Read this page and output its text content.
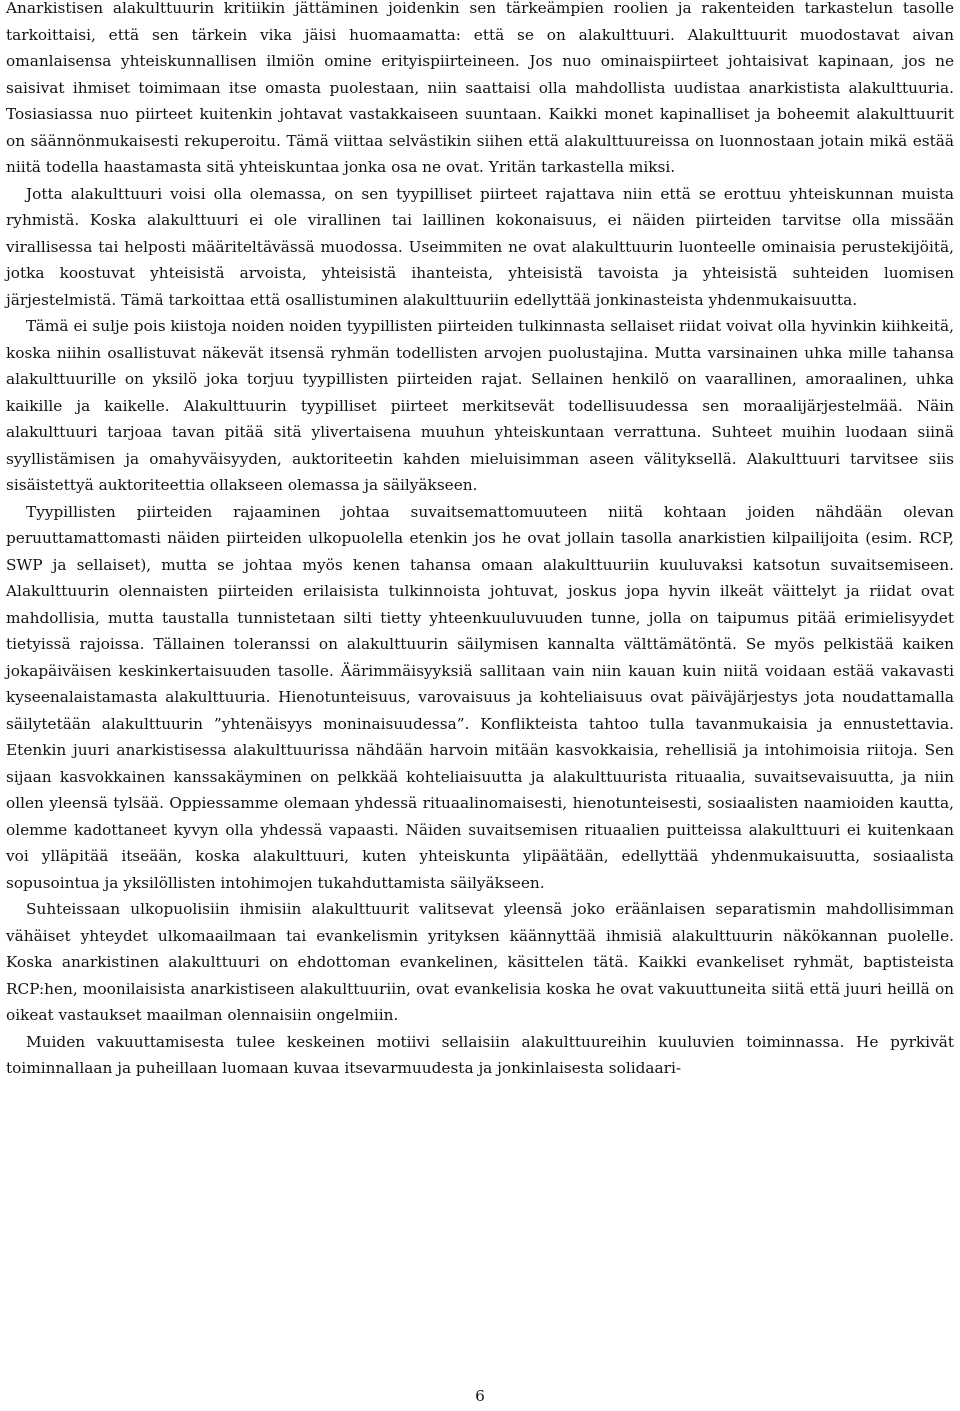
Anarkistisen alakulttuurin kritiikin jättäminen joidenkin sen tärkeämpien roolien ja rakenteiden tarkastelun tasolle tarkoittaisi, että sen tärkein vika jäisi huomaamatta: että se on alakulttuuri. Alakulttuurit muodostavat aivan omanlaisensa yhteiskunnallisen ilmiön omine erityispiirteineen. Jos nuo ominaispiirteet johtaisivat kapinaan, jos ne saisivat ihmiset toimimaan itse omasta puolestaan, niin saattaisi olla mahdollista uudistaa anarkistista alakulttuuria. Tosiasiassa nuo piirteet kuitenkin johtavat vastakkaiseen suuntaan. Kaikki monet kapinalliset ja boheemit alakulttuurit on säännönmukaisesti rekuperoitu. Tämä viittaa selvästikin siihen että alakulttuureissa on luonnostaan jotain mikä estää niitä todella haastamasta sitä yhteiskuntaa jonka osa ne ovat. Yritän tarkastella miksi.

Jotta alakulttuuri voisi olla olemassa, on sen tyypilliset piirteet rajattava niin että se erottuu yhteiskunnan muista ryhmistä. Koska alakulttuuri ei ole virallinen tai laillinen kokonaisuus, ei näiden piirteiden tarvitse olla missään virallisessa tai helposti määriteltävässä muodossa. Useimmiten ne ovat alakulttuurin luonteelle ominaisia perustekijöitä, jotka koostuvat yhteisistä arvoista, yhteisistä ihanteista, yhteisistä tavoista ja yhteisistä suhteiden luomisen järjestelmistä. Tämä tarkoittaa että osallistuminen alakulttuuriin edellyttää jonkinasteista yhdenmukaisuutta.

Tämä ei sulje pois kiistoja noiden noiden tyypillisten piirteiden tulkinnasta sellaiset riidat voivat olla hyvinkin kiihkeitä, koska niihin osallistuvat näkevät itsensä ryhmän todellisten arvojen puolustajina. Mutta varsinainen uhka mille tahansa alakulttuurille on yksilö joka torjuu tyypillisten piirteiden rajat. Sellainen henkilö on vaarallinen, amoraalinen, uhka kaikille ja kaikelle. Alakulttuurin tyypilliset piirteet merkitsevät todellisuudessa sen moraalijärjestelmää. Näin alakulttuuri tarjoaa tavan pitää sitä ylivertaisena muuhun yhteiskuntaan verrattuna. Suhteet muihin luodaan siinä syyllistämisen ja omahyväisyyden, auktoriteetin kahden mieluisimman aseen välityksellä. Alakulttuuri tarvitsee siis sisäistettyä auktoriteettia ollakseen olemassa ja säilyäkseen.

Tyypillisten piirteiden rajaaminen johtaa suvaitsemattomuuteen niitä kohtaan joiden nähdään olevan peruuttamattomasti näiden piirteiden ulkopuolella etenkin jos he ovat jollain tasolla anarkistien kilpailijoita (esim. RCP, SWP ja sellaiset), mutta se johtaa myös kenen tahansa omaan alakulttuuriin kuuluvaksi katsotun suvaitsemiseen. Alakulttuurin olennaisten piirteiden erilaisista tulkinnoista johtuvat, joskus jopa hyvin ilkeät väittelyt ja riidat ovat mahdollisia, mutta taustalla tunnistetaan silti tietty yhteenkuuluvuuden tunne, jolla on taipumus pitää erimielisyydet tietyissä rajoissa. Tällainen toleranssi on alakulttuurin säilymisen kannalta välttämätöntä. Se myös pelkistää kaiken jokapäiväisen keskinkertaisuuden tasolle. Äärimmäisyyksiä sallitaan vain niin kauan kuin niitä voidaan estää vakavasti kyseenalaistamasta alakulttuuria. Hienotunteisuus, varovaisuus ja kohteliaisuus ovat päiväjärjestys jota noudattamalla säilytetään alakulttuurin ”yhtenäisyys moninaisuudessa”. Konflikteista tahtoo tulla tavanmukaisia ja ennustettavia. Etenkin juuri anarkistisessa alakulttuurissa nähdään harvoin mitään kasvokkaisia, rehellisiä ja intohimoisia riitoja. Sen sijaan kasvokkainen kanssakäyminen on pelkkää kohteliaisuutta ja alakulttuurista rituaalia, suvaitsevaisuutta, ja niin ollen yleensä tylsää. Oppiessamme olemaan yhdessä rituaalinomaisesti, hienotunteisesti, sosiaalisten naamioiden kautta, olemme kadottaneet kyvyn olla yhdessä vapaasti. Näiden suvaitsemisen rituaalien puitteissa alakulttuuri ei kuitenkaan voi ylläpitää itseään, koska alakulttuuri, kuten yhteiskunta ylipäätään, edellyttää yhdenmukaisuutta, sosiaalista sopusointua ja yksilöllisten intohimojen tukahduttamista säilyäkseen.

Suhteissaan ulkopuolisiin ihmisiin alakulttuurit valitsevat yleensä joko eräänlaisen separatismin mahdollisimman vähäiset yhteydet ulkomaailmaan tai evankelismin yrityksen käännyttää ihmisiä alakulttuurin näkökannan puolelle. Koska anarkistinen alakulttuuri on ehdottoman evankelinen, käsittelen tätä. Kaikki evankeliset ryhmät, baptisteista RCP:hen, moonilaisista anarkistiseen alakulttuuriin, ovat evankelisia koska he ovat vakuuttuneita siitä että juuri heillä on oikeat vastaukset maailman olennaisiin ongelmiin.

Muiden vakuuttamisesta tulee keskeinen motiivi sellaisiin alakulttuureihin kuuluvien toiminnassa. He pyrkivät toiminnallaan ja puheillaan luomaan kuvaa itsevarmuudesta ja jonkinlaisesta solidaari-

6
